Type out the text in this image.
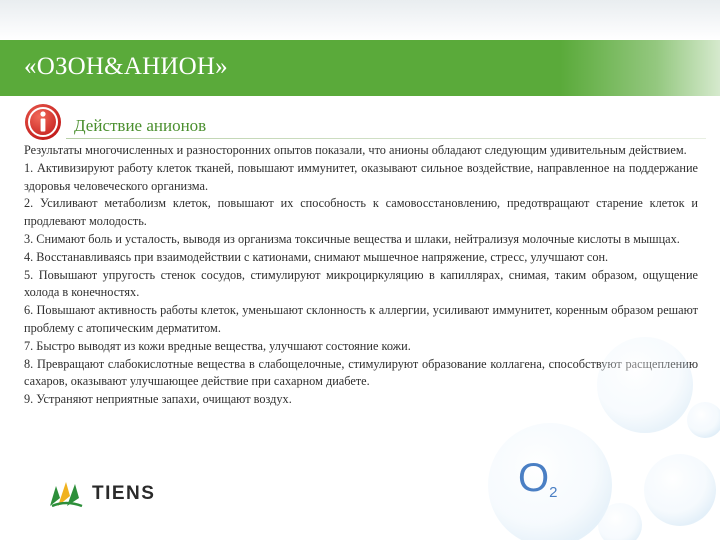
«ОЗОН&АНИОН»
Действие анионов

Результаты многочисленных и разносторонних опытов показали, что анионы обладают следующим удивительным действием.

1. Активизируют работу клеток тканей, повышают иммунитет, оказывают сильное воздействие, направленное на поддержание здоровья человеческого организма.

2. Усиливают метаболизм клеток, повышают их способность к самовосстановлению, предотвращают старение клеток и продлевают молодость.

3. Снимают боль и усталость, выводя из организма токсичные вещества и шлаки, нейтрализуя молочные кислоты в мышцах.

4. Восстанавливаясь при взаимодействии с катионами, снимают мышечное напряжение, стресс, улучшают сон.

5. Повышают упругость стенок сосудов, стимулируют микроциркуляцию в капиллярах, снимая, таким образом, ощущение холода в конечностях.

6. Повышают активность работы клеток, уменьшают склонность к аллергии, усиливают иммунитет, коренным образом решают проблему с атопическим дерматитом.

7. Быстро выводят из кожи вредные вещества, улучшают состояние кожи.

8. Превращают слабокислотные вещества в слабощелочные, стимулируют образование коллагена, способствуют расщеплению сахаров, оказывают улучшающее действие при сахарном диабете.

9. Устраняют неприятные запахи, очищают воздух.

$O_2$
TIENS
